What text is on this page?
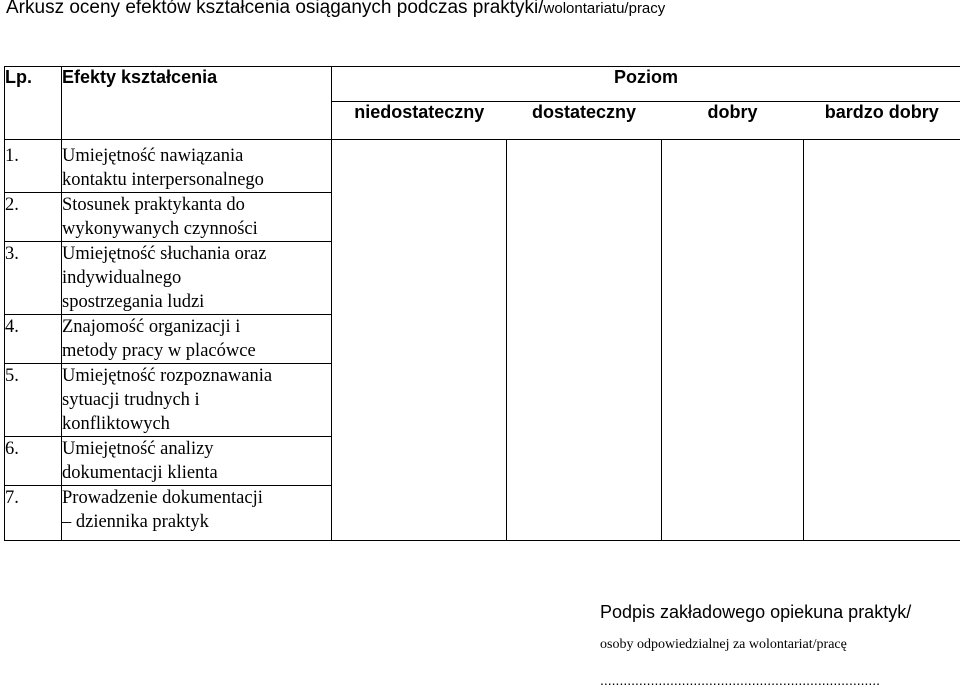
Arkusz oceny efektów kształcenia osiąganych podczas praktyki/wolontariatu/pracy
Lp.	Efekty kształcenia	Poziom			
		niedostateczny	dostateczny	dobry	bardzo dobry
1.	Umiejętność nawiązania
kontaktu interpersonalnego				

2.	Stosunek praktykanta do
wykonywanych czynności				

3.	Umiejętność słuchania oraz
indywidualnego
spostrzegania ludzi				

4.	Znajomość organizacji i
metody pracy w placówce				

5.	Umiejętność rozpoznawania
sytuacji trudnych i
konfliktowych				

6.	Umiejętność analizy
dokumentacji klienta				

7.	Prowadzenie dokumentacji
– dziennika praktyk				
Podpis zakładowego opiekuna praktyk/
osoby odpowiedzialnej za wolontariat/pracę
........................................................................
